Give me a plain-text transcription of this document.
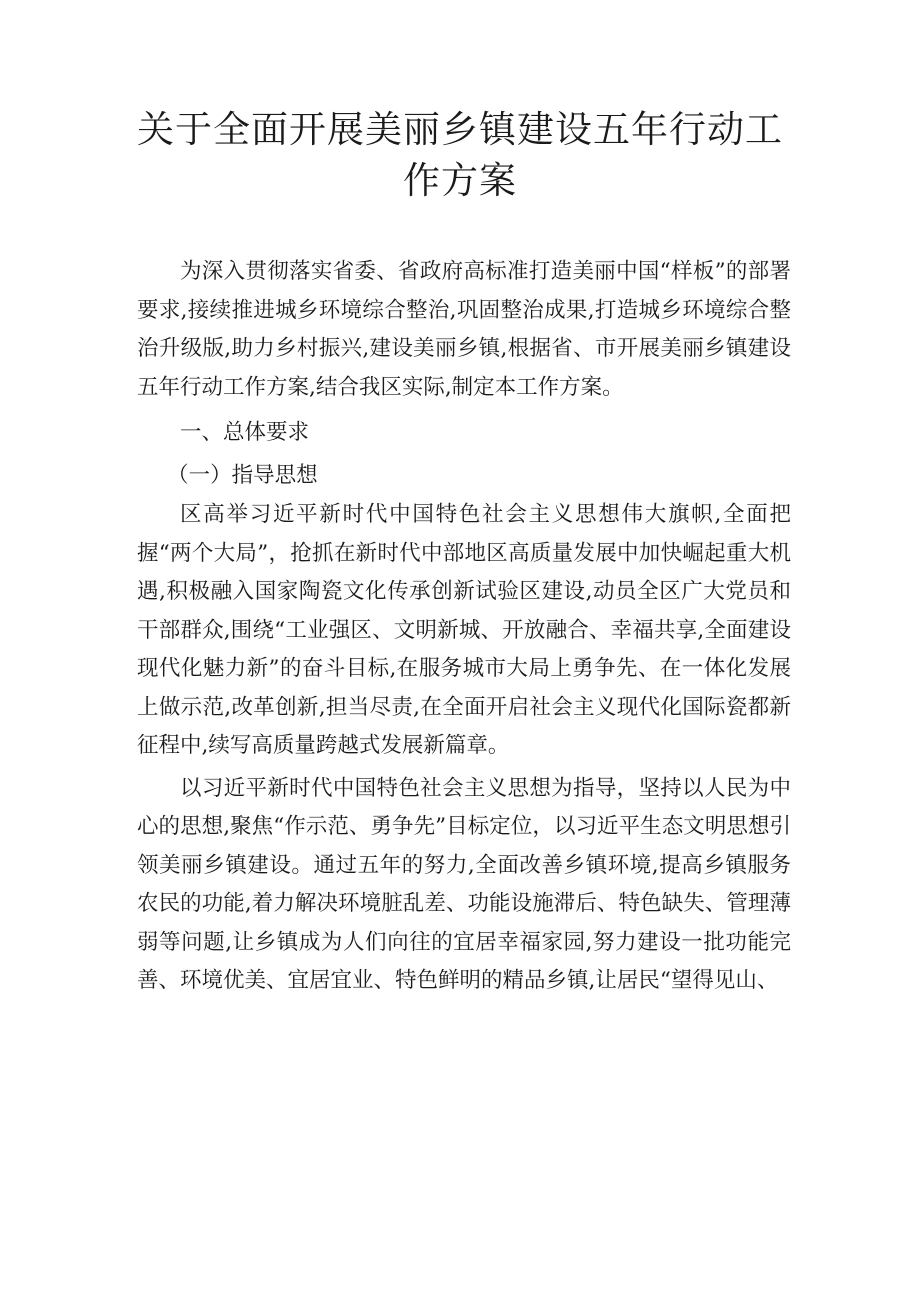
关于全面开展美丽乡镇建设五年行动工作方案

为深入贯彻落实省委、省政府高标准打造美丽中国“样板”的部署要求,接续推进城乡环境综合整治,巩固整治成果,打造城乡环境综合整治升级版,助力乡村振兴,建设美丽乡镇,根据省、市开展美丽乡镇建设五年行动工作方案,结合我区实际,制定本工作方案。

一、总体要求

（一）指导思想

区高举习近平新时代中国特色社会主义思想伟大旗帜,全面把握“两个大局”，抢抓在新时代中部地区高质量发展中加快崛起重大机遇,积极融入国家陶瓷文化传承创新试验区建设,动员全区广大党员和干部群众,围绕“工业强区、文明新城、开放融合、幸福共享,全面建设现代化魅力新”的奋斗目标,在服务城市大局上勇争先、在一体化发展上做示范,改革创新,担当尽责,在全面开启社会主义现代化国际瓷都新征程中,续写高质量跨越式发展新篇章。

以习近平新时代中国特色社会主义思想为指导，坚持以人民为中心的思想,聚焦“作示范、勇争先”目标定位，以习近平生态文明思想引领美丽乡镇建设。通过五年的努力,全面改善乡镇环境,提高乡镇服务农民的功能,着力解决环境脏乱差、功能设施滞后、特色缺失、管理薄弱等问题,让乡镇成为人们向往的宜居幸福家园,努力建设一批功能完善、环境优美、宜居宜业、特色鲜明的精品乡镇,让居民“望得见山、
